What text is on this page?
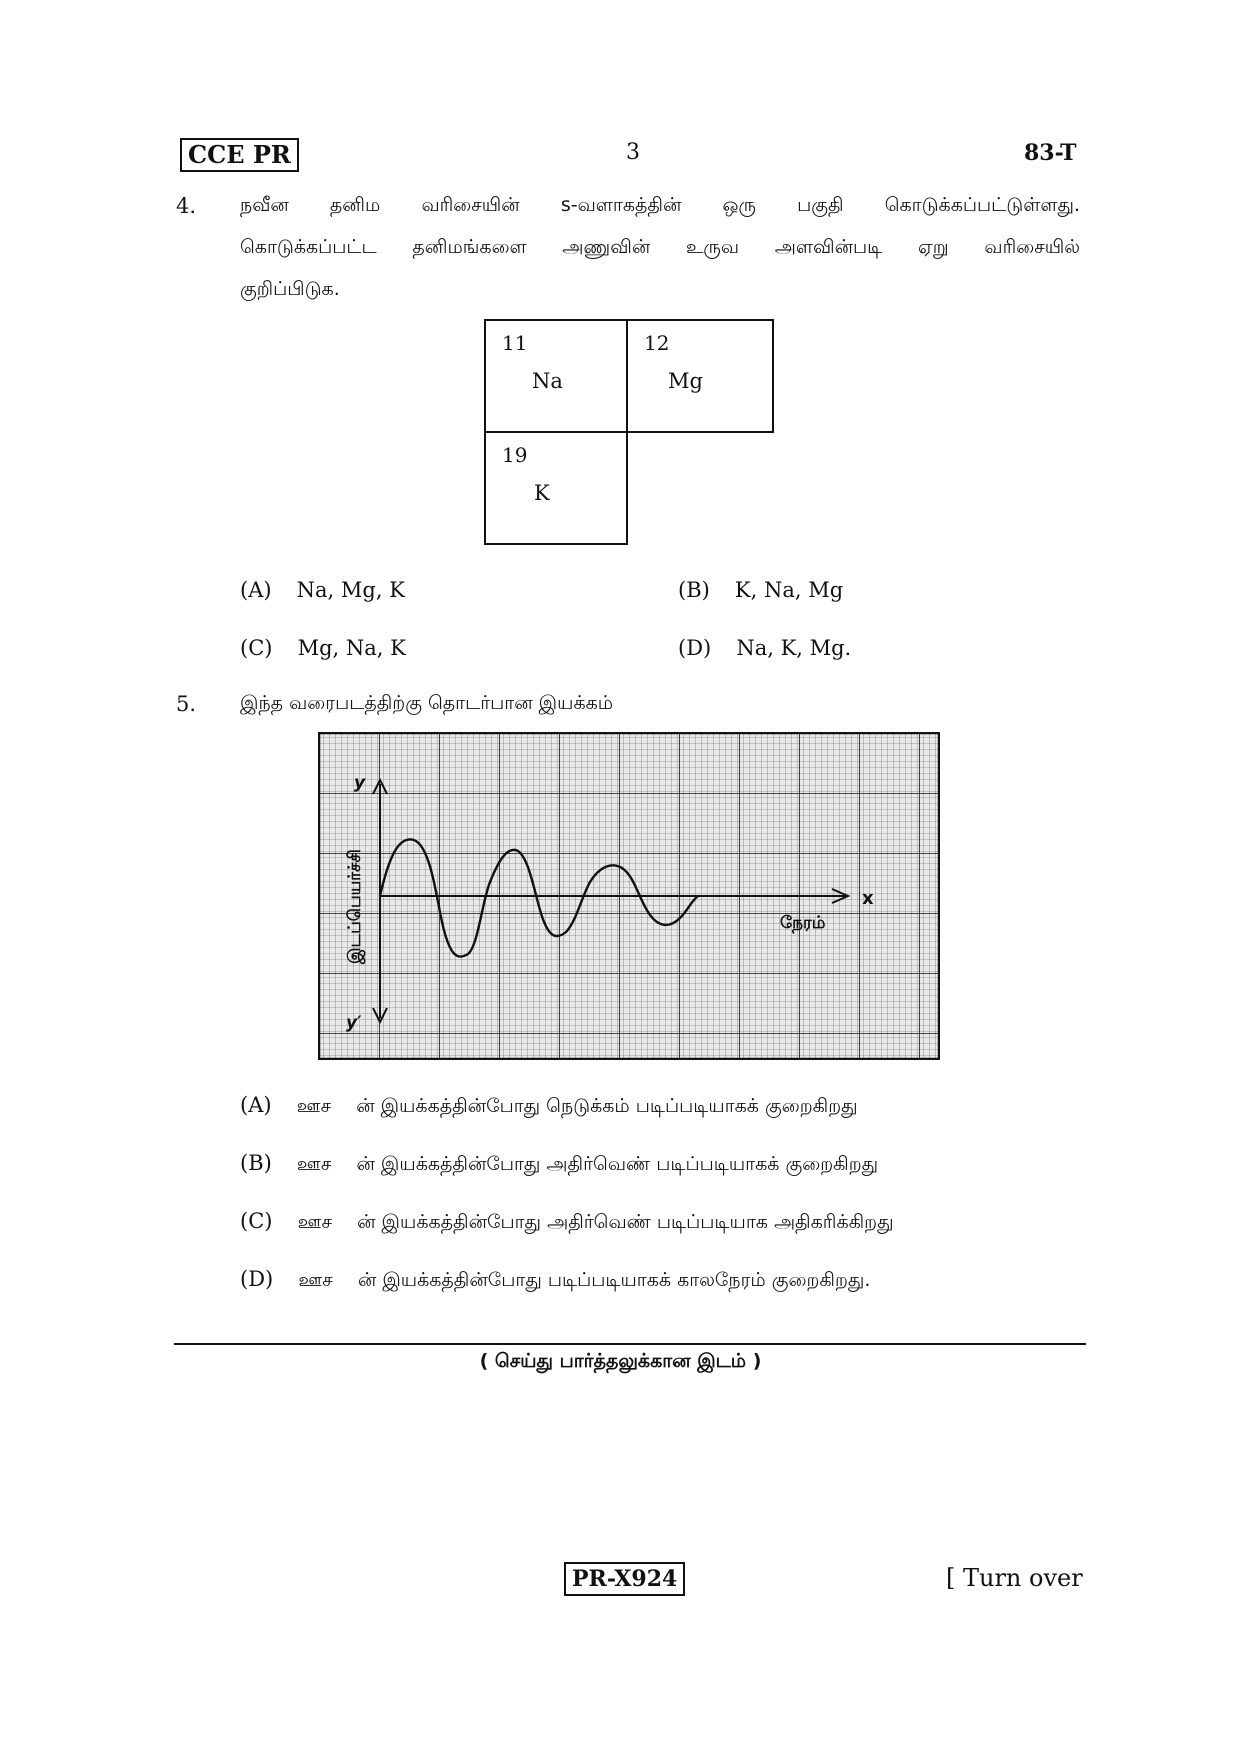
CCE PR	3	83-T
4. நவீன தனிம வரிசையின் s-வளாகத்தின் ஒரு பகுதி கொடுக்கப்பட்டுள்ளது.
கொடுக்கப்பட்ட தனிமங்களை அணுவின் உருவ அளவின்படி ஏறு வரிசையில்
குறிப்பிடுக.
11
Na
12
Mg
19
K
(A) Na, Mg, K	(B) K, Na, Mg
(C) Mg, Na, K	(D) Na, K, Mg.
5. இந்த வரைபடத்திற்கு தொடர்பான இயக்கம்
y
y′
x
நேரம்
இடப்பெயர்ச்சி
(A) ஊச ன் இயக்கத்தின்போது நெடுக்கம் படிப்படியாகக் குறைகிறது
(B) ஊச ன் இயக்கத்தின்போது அதிர்வெண் படிப்படியாகக் குறைகிறது
(C) ஊச ன் இயக்கத்தின்போது அதிர்வெண் படிப்படியாக அதிகரிக்கிறது
(D) ஊச ன் இயக்கத்தின்போது படிப்படியாகக் காலநேரம் குறைகிறது.
( செய்து பார்த்தலுக்கான இடம் )
PR-X924	[ Turn over
